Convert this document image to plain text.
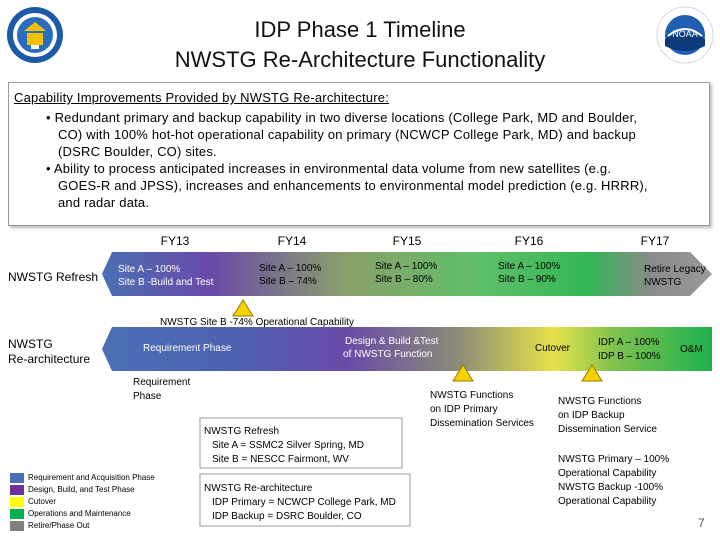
IDP Phase 1 Timeline
NWSTG Re-Architecture Functionality
NOAA
Capability Improvements Provided by NWSTG Re-architecture:
• Redundant primary and backup capability in two diverse locations (College Park, MD and Boulder,
CO) with 100% hot-hot operational capability on primary (NCWCP College Park, MD) and backup
(DSRC Boulder, CO) sites.
• Ability to process anticipated increases in environmental data volume from new satellites (e.g.
GOES-R and JPSS), increases and enhancements to environmental model prediction (e.g. HRRR),
and radar data.
FY13	FY14	FY15	FY16	FY17
NWSTG Refresh
Site A – 100%
Site B -Build and Test
Site A – 100%
Site B – 74%
Site A – 100%
Site B – 80%
Site A – 100%
Site B – 90%
Retire Legacy
NWSTG
NWSTG Site B -74% Operational Capability
NWSTG
Re-architecture
Requirement Phase
Design & Build &Test
of NWSTG Function
Cutover
IDP A – 100%
IDP B – 100%
O&M
Requirement
Phase
NWSTG Refresh
Site A = SSMC2 Silver Spring, MD
Site B = NESCC Fairmont, WV
NWSTG Re-architecture
IDP Primary = NCWCP College Park, MD
IDP Backup = DSRC Boulder, CO
NWSTG Functions
on IDP Primary
Dissemination Services
NWSTG Functions
on IDP Backup
Dissemination Service
NWSTG Primary – 100%
Operational Capability
NWSTG Backup -100%
Operational Capability
Requirement and Acquisition Phase
Design, Build, and Test Phase
Cutover
Operations and Maintenance
Retire/Phase Out	7
